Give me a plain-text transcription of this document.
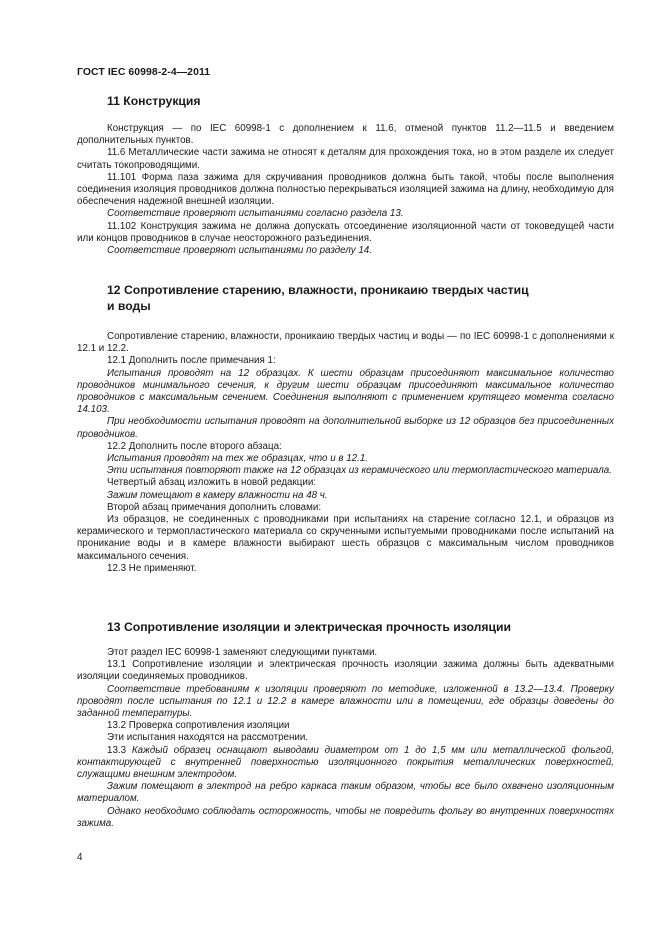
ГОСТ IEC 60998-2-4—2011
11 Конструкция
Конструкция — по IEC 60998-1 с дополнением к 11.6, отменой пунктов 11.2—11.5 и введением дополнительных пунктов.
11.6 Металлические части зажима не относят к деталям для прохождения тока, но в этом разделе их следует считать токопроводящими.
11.101 Форма паза зажима для скручивания проводников должна быть такой, чтобы после выполнения соединения изоляция проводников должна полностью перекрываться изоляцией зажима на длину, необходимую для обеспечения надежной внешней изоляции.
Соответствие проверяют испытаниями согласно раздела 13.
11.102 Конструкция зажима не должна допускать отсоединение изоляционной части от токоведущей части или концов проводников в случае неосторожного разъединения.
Соответствие проверяют испытаниями по разделу 14.
12 Сопротивление старению, влажности, проникаию твердых частиц
и воды
Сопротивление старению, влажности, проникаию твердых частиц и воды — по IEC 60998-1 с дополнениями к 12.1 и 12.2.
12.1 Дополнить после примечания 1:
Испытания проводят на 12 образцах. К шести образцам присоединяют максимальное количество проводников минимального сечения, к другим шести образцам присоединяют максимальное количество проводников с максимальным сечением. Соединения выполняют с применением крутящего момента согласно 14.103.
При необходимости испытания проводят на дополнительной выборке из 12 образцов без присоединенных проводников.
12.2 Дополнить после второго абзаца:
Испытания проводят на тех же образцах, что и в 12.1.
Эти испытания повторяют также на 12 образцах из керамического или термопластического материала.
Четвертый абзац изложить в новой редакции:
Зажим помещают в камеру влажности на 48 ч.
Второй абзац примечания дополнить словами:
Из образцов, не соединенных с проводниками при испытаниях на старение согласно 12.1, и образцов из керамического и термопластического материала со скрученными испытуемыми проводниками после испытаний на проникание воды и в камере влажности выбирают шесть образцов с максимальным числом проводников максимального сечения.
12.3 Не применяют.
13 Сопротивление изоляции и электрическая прочность изоляции
Этот раздел IEC 60998-1 заменяют следующими пунктами.
13.1 Сопротивление изоляции и электрическая прочность изоляции зажима должны быть адекватными изоляции соединяемых проводников.
Соответствие требованиям к изоляции проверяют по методике, изложенной в 13.2—13.4. Проверку проводят после испытания по 12.1 и 12.2 в камере влажности или в помещении, где образцы доведены до заданной температуры.
13.2 Проверка сопротивления изоляции
Эти испытания находятся на рассмотрении.
13.3 Каждый образец оснащают выводами диаметром от 1 до 1,5 мм или металлической фольгой, контактирующей с внутренней поверхностью изоляционного покрытия металлических поверхностей, служащими внешним электродом.
Зажим помещают в электрод на ребро каркаса таким образом, чтобы все было охвачено изоляционным материалом.
Однако необходимо соблюдать осторожность, чтобы не повредить фольгу во внутренних поверхностях зажима.
4
